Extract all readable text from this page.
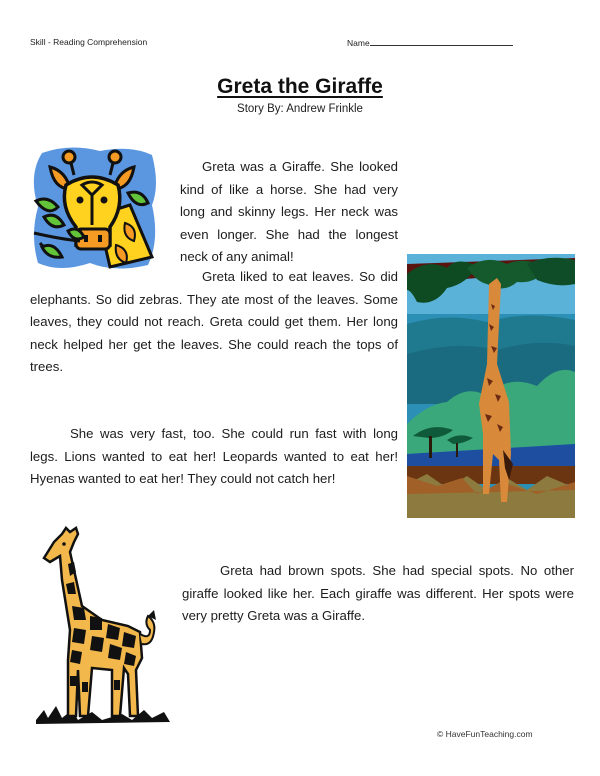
Skill - Reading Comprehension	Name
Greta the Giraffe
Story By: Andrew Frinkle

Greta was a Giraffe. She looked kind of like a horse. She had very long and skinny legs. Her neck was even longer. She had the longest neck of any animal!

Greta liked to eat leaves. So did elephants. So did zebras. They ate most of the leaves. Some leaves, they could not reach. Greta could get them. Her long neck helped her get the leaves. She could reach the tops of trees.

She was very fast, too. She could run fast with long legs. Lions wanted to eat her! Leopards wanted to eat her! Hyenas wanted to eat her! They could not catch her!

Greta had brown spots. She had special spots. No other giraffe looked like her. Each giraffe was different. Her spots were very pretty Greta was a Giraffe.

© HaveFunTeaching.com
